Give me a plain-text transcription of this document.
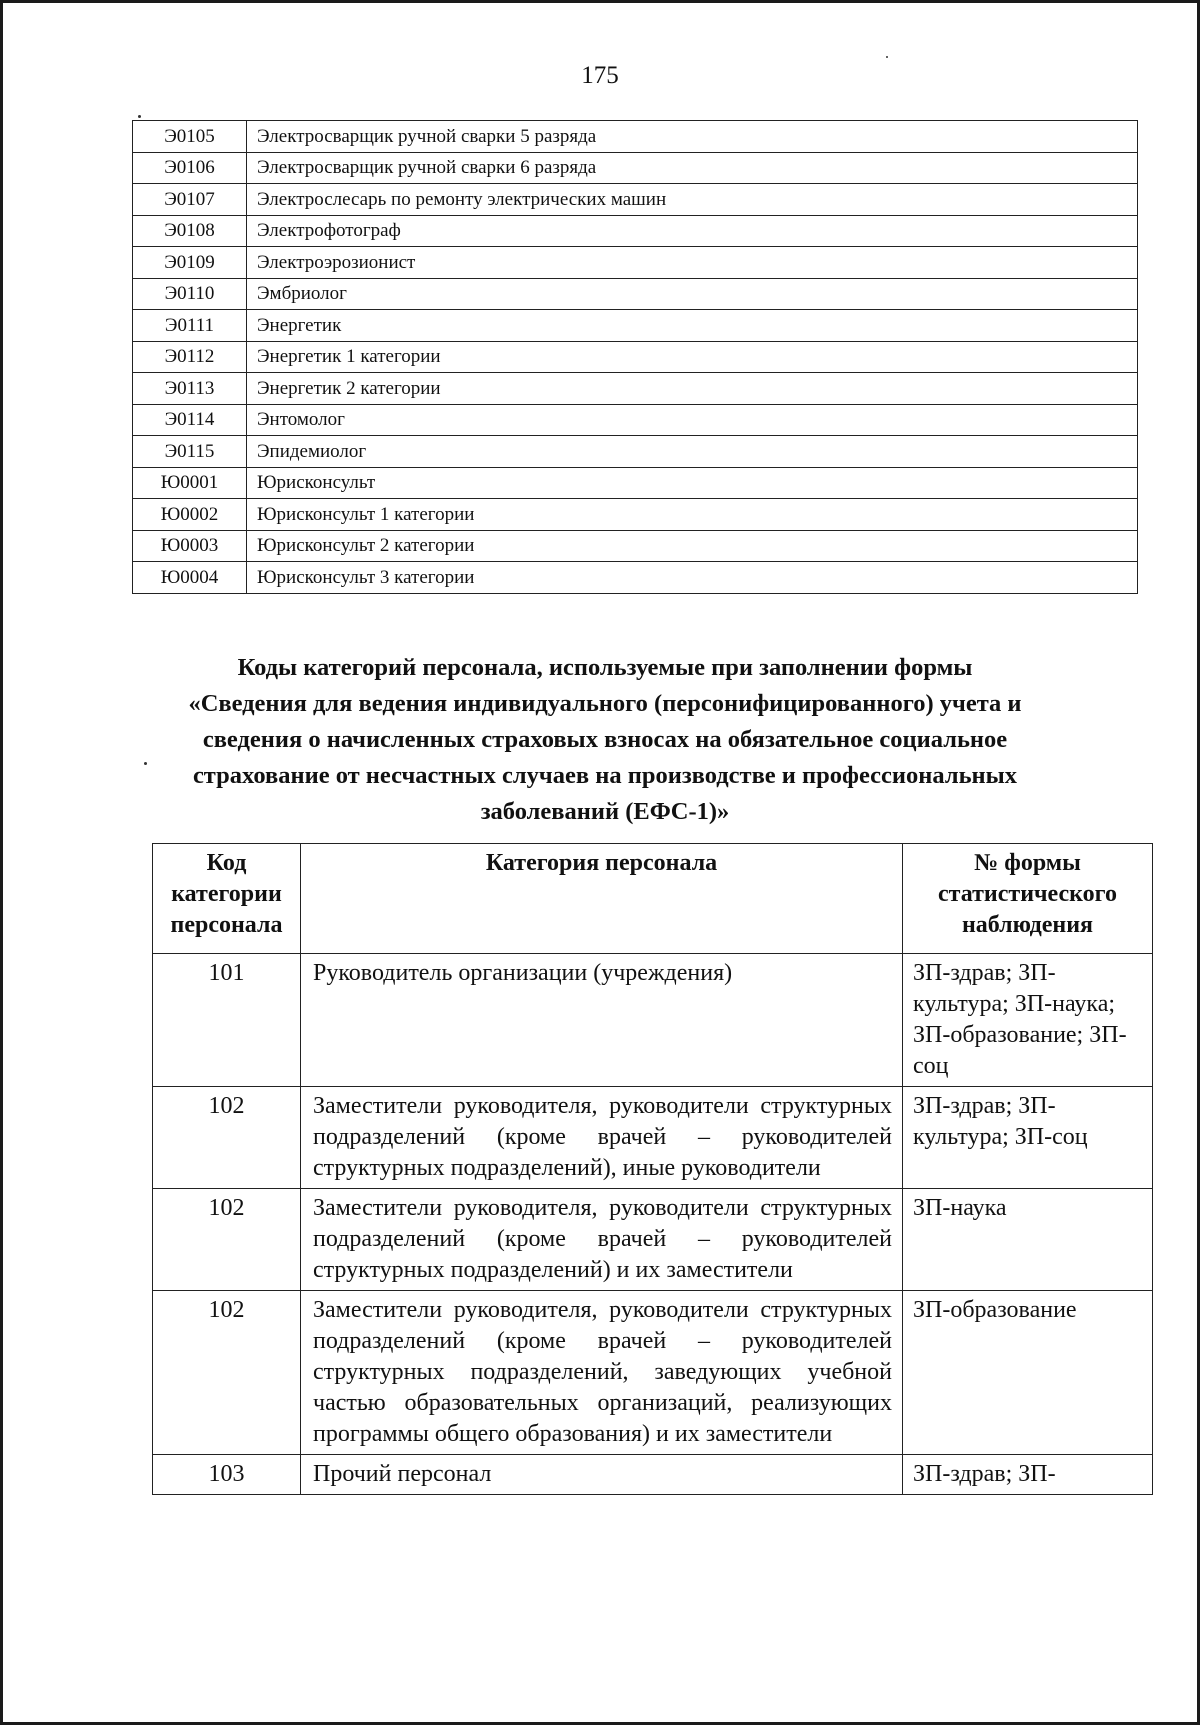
175
Э0105	Электросварщик ручной сварки 5 разряда
Э0106	Электросварщик ручной сварки 6 разряда
Э0107	Электрослесарь по ремонту электрических машин
Э0108	Электрофотограф
Э0109	Электроэрозионист
Э0110	Эмбриолог
Э0111	Энергетик
Э0112	Энергетик 1 категории
Э0113	Энергетик 2 категории
Э0114	Энтомолог
Э0115	Эпидемиолог
Ю0001	Юрисконсульт
Ю0002	Юрисконсульт 1 категории
Ю0003	Юрисконсульт 2 категории
Ю0004	Юрисконсульт 3 категории
Коды категорий персонала, используемые при заполнении формы
«Сведения для ведения индивидуального (персонифицированного) учета и
сведения о начисленных страховых взносах на обязательное социальное
страхование от несчастных случаев на производстве и профессиональных
заболеваний (ЕФС-1)»
Код категории персонала	Категория персонала	№ формы статистического наблюдения
101	Руководитель организации (учреждения)	ЗП-здрав; ЗП-культура; ЗП-наука; ЗП-образование; ЗП-соц
102	Заместители руководителя, руководители структурных подразделений (кроме врачей – руководителей структурных подразделений), иные руководители	ЗП-здрав; ЗП-культура; ЗП-соц
102	Заместители руководителя, руководители структурных подразделений (кроме врачей – руководителей структурных подразделений) и их заместители	ЗП-наука
102	Заместители руководителя, руководители структурных подразделений (кроме врачей – руководителей структурных подразделений, заведующих учебной частью образовательных организаций, реализующих программы общего образования) и их заместители	ЗП-образование
103	Прочий персонал	ЗП-здрав; ЗП-
